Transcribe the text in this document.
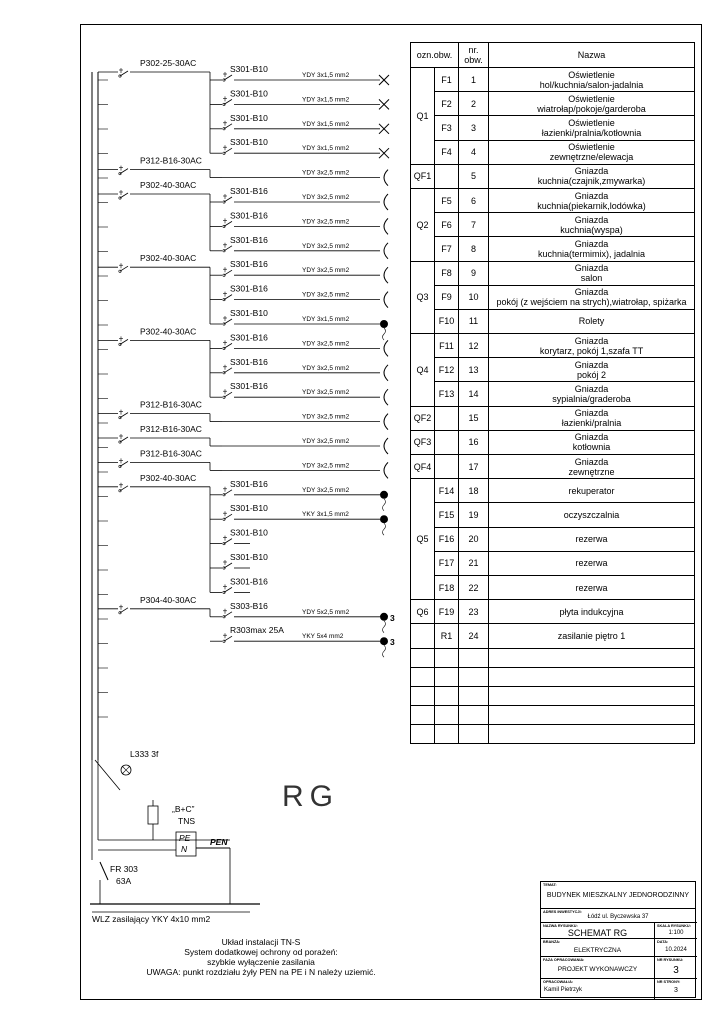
P302-25-30AC
P312-B16-30AC
P302-40-30AC
P302-40-30AC
P302-40-30AC
P312-B16-30AC
P312-B16-30AC
P312-B16-30AC
P302-40-30AC
P304-40-30AC
S301-B10
YDY 3x1,5 mm2
S301-B10
YDY 3x1,5 mm2
S301-B10
YDY 3x1,5 mm2
S301-B10
YDY 3x1,5 mm2
YDY 3x2,5 mm2
S301-B16
YDY 3x2,5 mm2
S301-B16
YDY 3x2,5 mm2
S301-B16
YDY 3x2,5 mm2
S301-B16
YDY 3x2,5 mm2
S301-B16
YDY 3x2,5 mm2
S301-B10
YDY 3x1,5 mm2
S301-B16
YDY 3x2,5 mm2
S301-B16
YDY 3x2,5 mm2
S301-B16
YDY 3x2,5 mm2
YDY 3x2,5 mm2
YDY 3x2,5 mm2
YDY 3x2,5 mm2
S301-B16
YDY 3x2,5 mm2
S301-B10
YKY 3x1,5 mm2
S301-B10
S301-B10
S301-B16
S303-B16
YDY 5x2,5 mm2
3
R303max 25A
YKY 5x4 mm2
3
L333 3f
„B+C”
TNS
PE
N
PEN
FR 303
63A
WLZ zasilający YKY 4x10 mm2
RG
ozn.obw.		nr.
obw.	Nazwa
Q1	F1	1	Oświetlenie
hol/kuchnia/salon-jadalnia
	F2	2	Oświetlenie
wiatrołap/pokoje/garderoba
	F3	3	Oświetlenie
łazienki/pralnia/kotłownia
	F4	4	Oświetlenie
zewnętrzne/elewacja
QF1		5	Gniazda
kuchnia(czajnik,zmywarka)
Q2	F5	6	Gniazda
kuchnia(piekarnik,lodówka)
	F6	7	Gniazda
kuchnia(wyspa)
	F7	8	Gniazda
kuchnia(termimix), jadalnia
Q3	F8	9	Gniazda
salon
	F9	10	Gniazda
pokój (z wejściem na strych),wiatrołap, spiżarka
	F10	11	Rolety
Q4	F11	12	Gniazda
korytarz, pokój 1,szafa TT
	F12	13	Gniazda
pokój 2
	F13	14	Gniazda
sypialnia/graderoba
QF2		15	Gniazda
łazienki/pralnia
QF3		16	Gniazda
kotłownia
QF4		17	Gniazda
zewnętrzne
Q5	F14	18	rekuperator
	F15	19	oczyszczalnia
	F16	20	rezerwa
	F17	21	rezerwa
	F18	22	rezerwa
Q6	F19	23	płyta indukcyjna
	R1	24	zasilanie piętro 1

Układ instalacji TN-S
System dodatkowej ochrony od porażeń:
szybkie wyłączenie zasilania
UWAGA: punkt rozdziału żyły PEN na PE i N należy uziemić.
TEMAT:
BUDYNEK MIESZKALNY JEDNORODZINNY
ADRES INWESTYCJI:
Łódź ul. Byczewska 37
NAZWA RYSUNKU:
SCHEMAT RG
SKALA RYSUNKU:
1:100
BRANŻA:
ELEKTRYCZNA
DATA:
10.2024
FAZA OPRACOWANIA:
PROJEKT WYKONAWCZY
NR RYSUNKU:
3
OPRACOWAŁ/A:
Kamil Pietrzyk
NR STRONY:
3
